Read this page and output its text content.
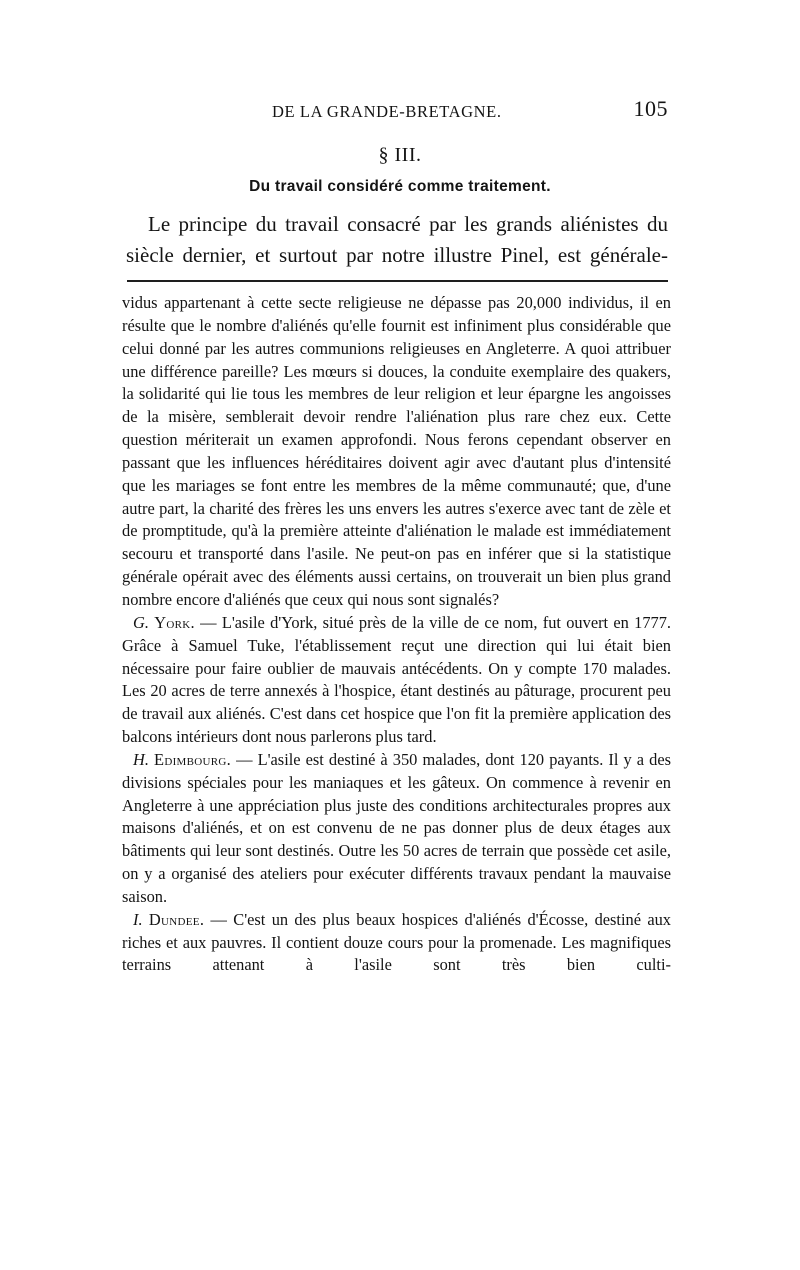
DE LA GRANDE-BRETAGNE.	105
§ III.
Du travail considéré comme traitement.

Le principe du travail consacré par les grands aliénistes du siècle dernier, et surtout par notre illustre Pinel, est générale-

vidus appartenant à cette secte religieuse ne dépasse pas 20,000 individus, il en résulte que le nombre d'aliénés qu'elle fournit est infiniment plus considérable que celui donné par les autres communions religieuses en Angleterre. A quoi attribuer une différence pareille? Les mœurs si douces, la conduite exemplaire des quakers, la solidarité qui lie tous les membres de leur religion et leur épargne les angoisses de la misère, semblerait devoir rendre l'aliénation plus rare chez eux. Cette question mériterait un examen approfondi. Nous ferons cependant observer en passant que les influences héréditaires doivent agir avec d'autant plus d'intensité que les mariages se font entre les membres de la même communauté; que, d'une autre part, la charité des frères les uns envers les autres s'exerce avec tant de zèle et de promptitude, qu'à la première atteinte d'aliénation le malade est immédiatement secouru et transporté dans l'asile. Ne peut-on pas en inférer que si la statistique générale opérait avec des éléments aussi certains, on trouverait un bien plus grand nombre encore d'aliénés que ceux qui nous sont signalés?

G. York. — L'asile d'York, situé près de la ville de ce nom, fut ouvert en 1777. Grâce à Samuel Tuke, l'établissement reçut une direction qui lui était bien nécessaire pour faire oublier de mauvais antécédents. On y compte 170 malades. Les 20 acres de terre annexés à l'hospice, étant destinés au pâturage, procurent peu de travail aux aliénés. C'est dans cet hospice que l'on fit la première application des balcons intérieurs dont nous parlerons plus tard.

H. Edimbourg. — L'asile est destiné à 350 malades, dont 120 payants. Il y a des divisions spéciales pour les maniaques et les gâteux. On commence à revenir en Angleterre à une appréciation plus juste des conditions architecturales propres aux maisons d'aliénés, et on est convenu de ne pas donner plus de deux étages aux bâtiments qui leur sont destinés. Outre les 50 acres de terrain que possède cet asile, on y a organisé des ateliers pour exécuter différents travaux pendant la mauvaise saison.

I. Dundee. — C'est un des plus beaux hospices d'aliénés d'Écosse, destiné aux riches et aux pauvres. Il contient douze cours pour la promenade. Les magnifiques terrains attenant à l'asile sont très bien culti-
